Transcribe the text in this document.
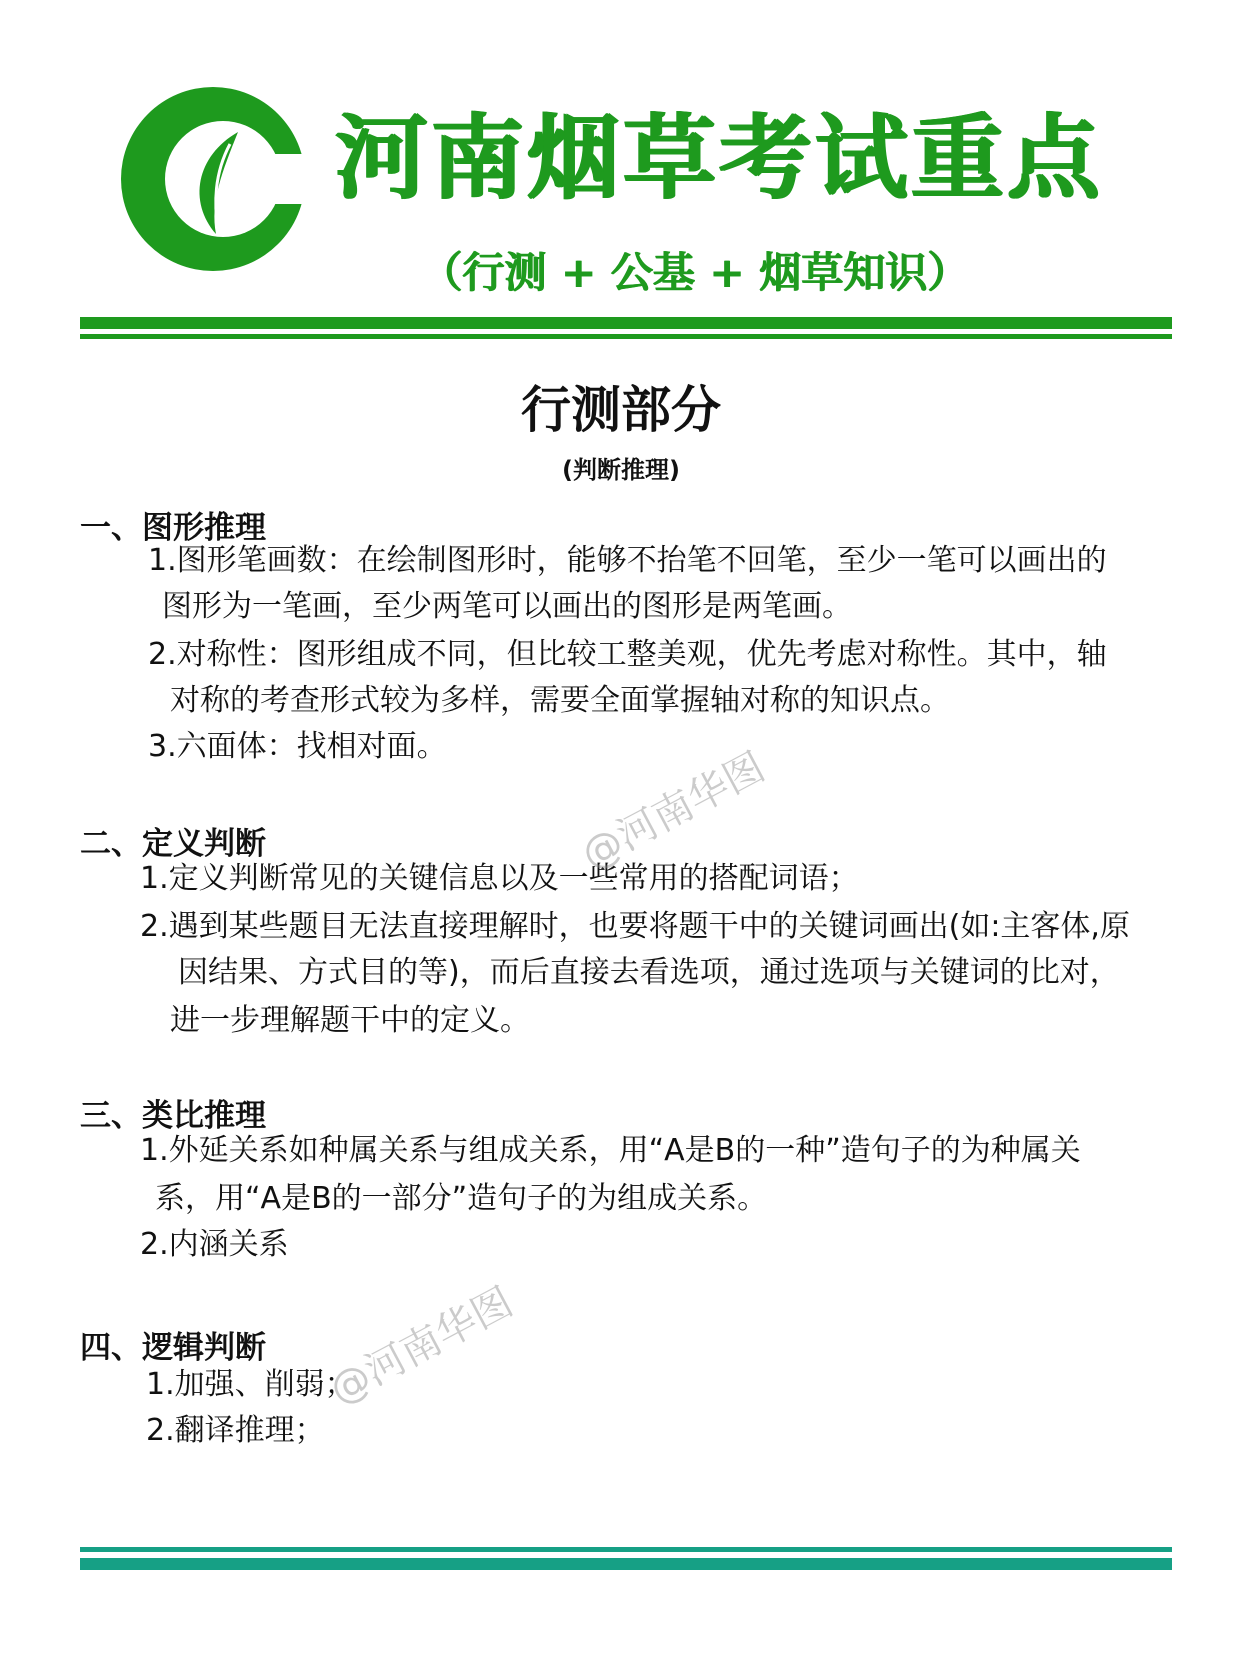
河南烟草考试重点
（行测 + 公基 + 烟草知识）
行测部分
(判断推理)
一、图形推理
1.图形笔画数：在绘制图形时，能够不抬笔不回笔，至少一笔可以画出的
图形为一笔画，至少两笔可以画出的图形是两笔画。
2.对称性：图形组成不同，但比较工整美观，优先考虑对称性。其中，轴
对称的考查形式较为多样，需要全面掌握轴对称的知识点。
3.六面体：找相对面。
二、定义判断
1.定义判断常见的关键信息以及一些常用的搭配词语；
2.遇到某些题目无法直接理解时，也要将题干中的关键词画出(如:主客体,原
因结果、方式目的等)，而后直接去看选项，通过选项与关键词的比对，
进一步理解题干中的定义。
三、类比推理
1.外延关系如种属关系与组成关系，用“A是B的一种”造句子的为种属关
系，用“A是B的一部分”造句子的为组成关系。
2.内涵关系
四、逻辑判断
1.加强、削弱；
2.翻译推理；
@河南华图
@河南华图
